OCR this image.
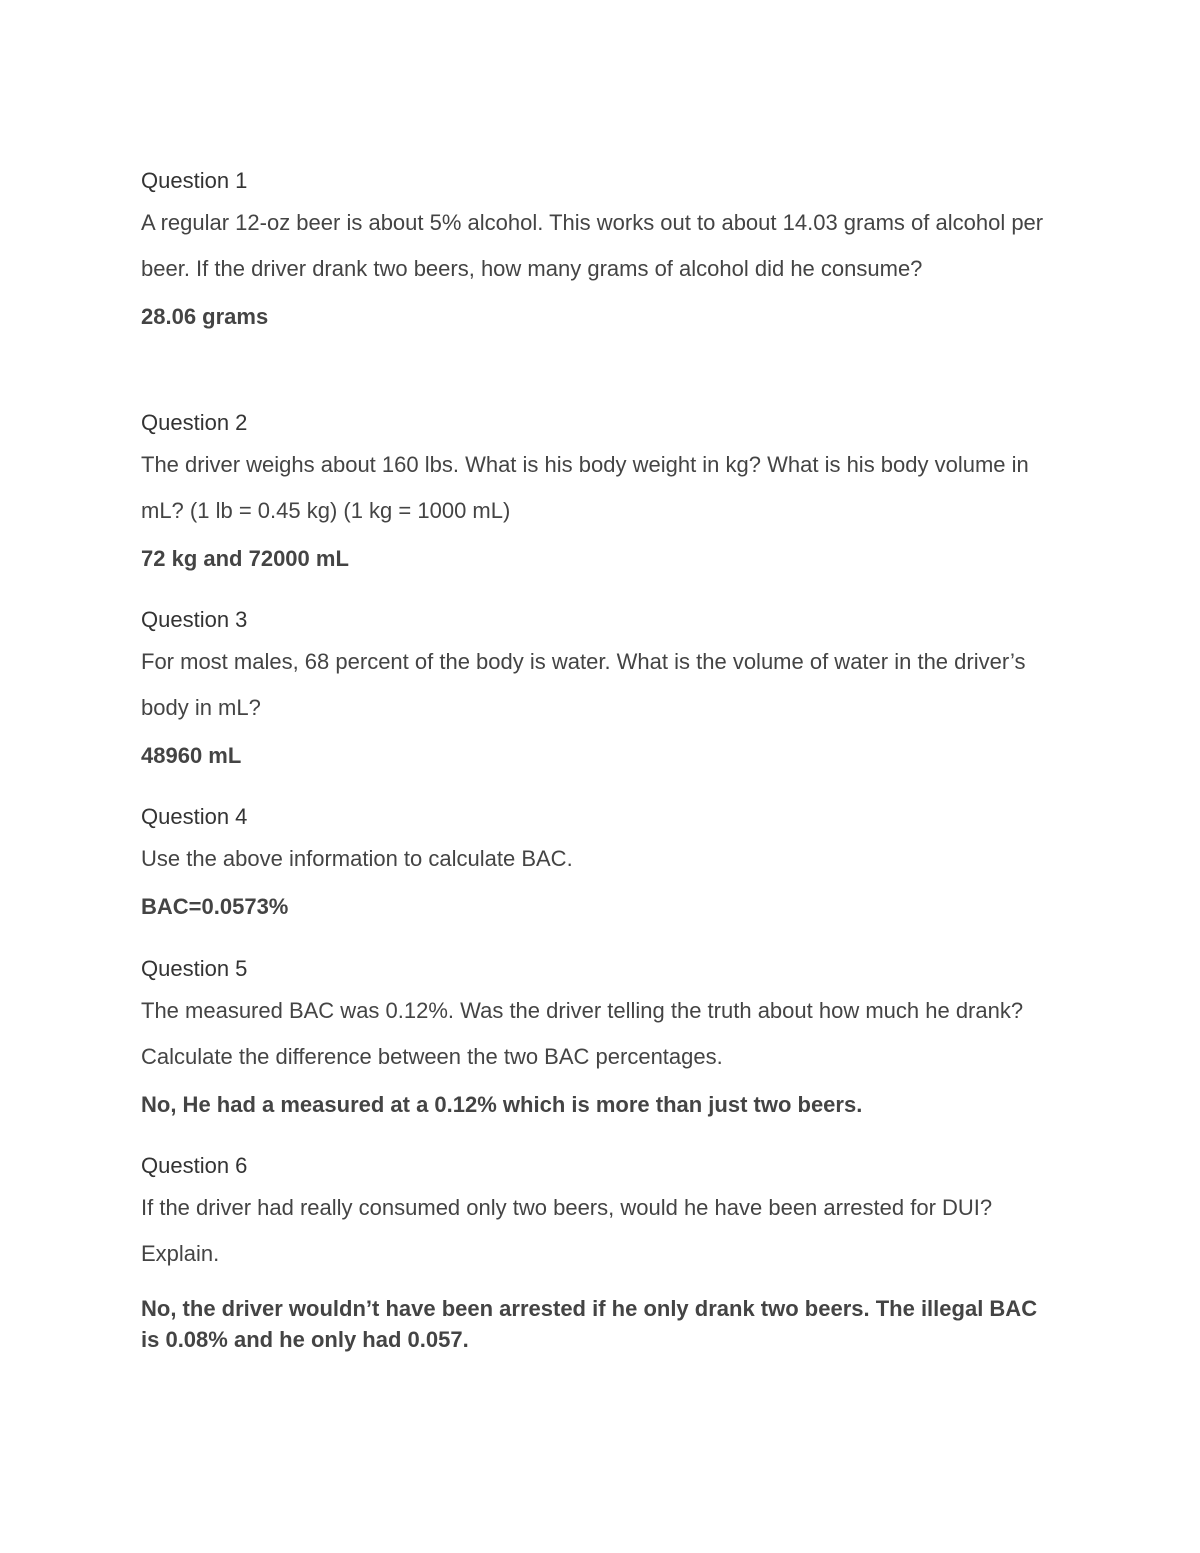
Question 1

A regular 12-oz beer is about 5% alcohol. This works out to about 14.03 grams of alcohol per beer. If the driver drank two beers, how many grams of alcohol did he consume?

28.06 grams

Question 2

The driver weighs about 160 lbs. What is his body weight in kg? What is his body volume in mL? (1 lb = 0.45 kg) (1 kg = 1000 mL)

72 kg and 72000 mL

Question 3

For most males, 68 percent of the body is water. What is the volume of water in the driver’s body in mL?

48960 mL

Question 4

Use the above information to calculate BAC.

BAC=0.0573%

Question 5

The measured BAC was 0.12%. Was the driver telling the truth about how much he drank? Calculate the difference between the two BAC percentages.

No, He had a measured at a 0.12% which is more than just two beers.

Question 6

If the driver had really consumed only two beers, would he have been arrested for DUI? Explain.

No, the driver wouldn’t have been arrested if he only drank two beers. The illegal BAC is 0.08% and he only had 0.057.
